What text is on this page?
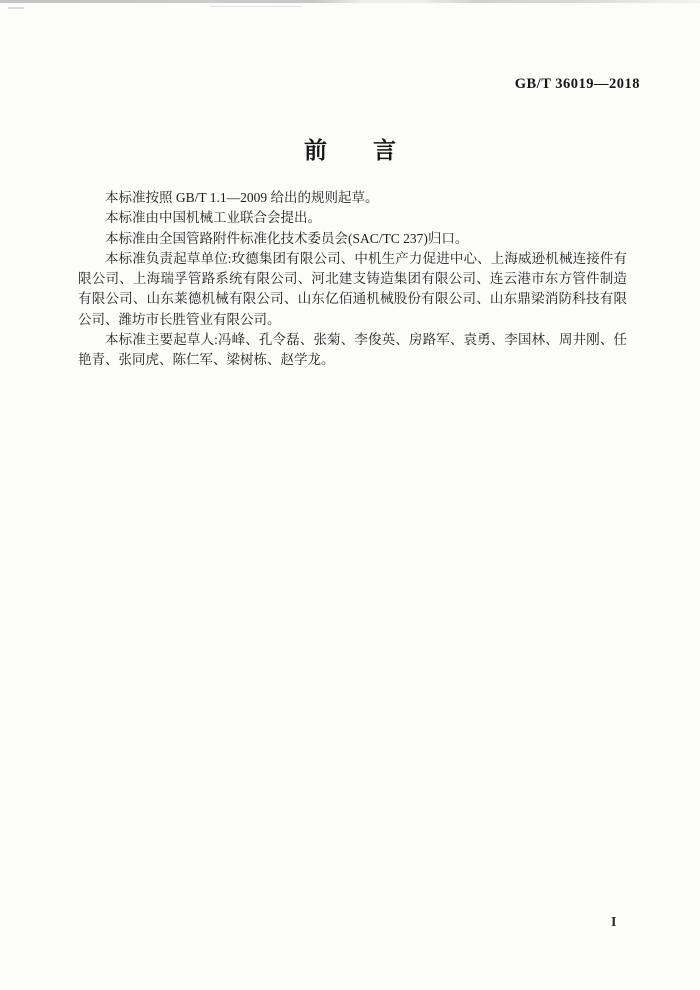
GB/T 36019—2018
前　　言

本标准按照 GB/T 1.1—2009 给出的规则起草。

本标准由中国机械工业联合会提出。

本标准由全国管路附件标准化技术委员会(SAC/TC 237)归口。

本标准负责起草单位:玫德集团有限公司、中机生产力促进中心、上海威逊机械连接件有限公司、上海瑞孚管路系统有限公司、河北建支铸造集团有限公司、连云港市东方管件制造有限公司、山东莱德机械有限公司、山东亿佰通机械股份有限公司、山东鼎梁消防科技有限公司、潍坊市长胜管业有限公司。

本标准主要起草人:冯峰、孔令磊、张菊、李俊英、房路军、袁勇、李国林、周井刚、任艳青、张同虎、陈仁军、梁树栋、赵学龙。

I
